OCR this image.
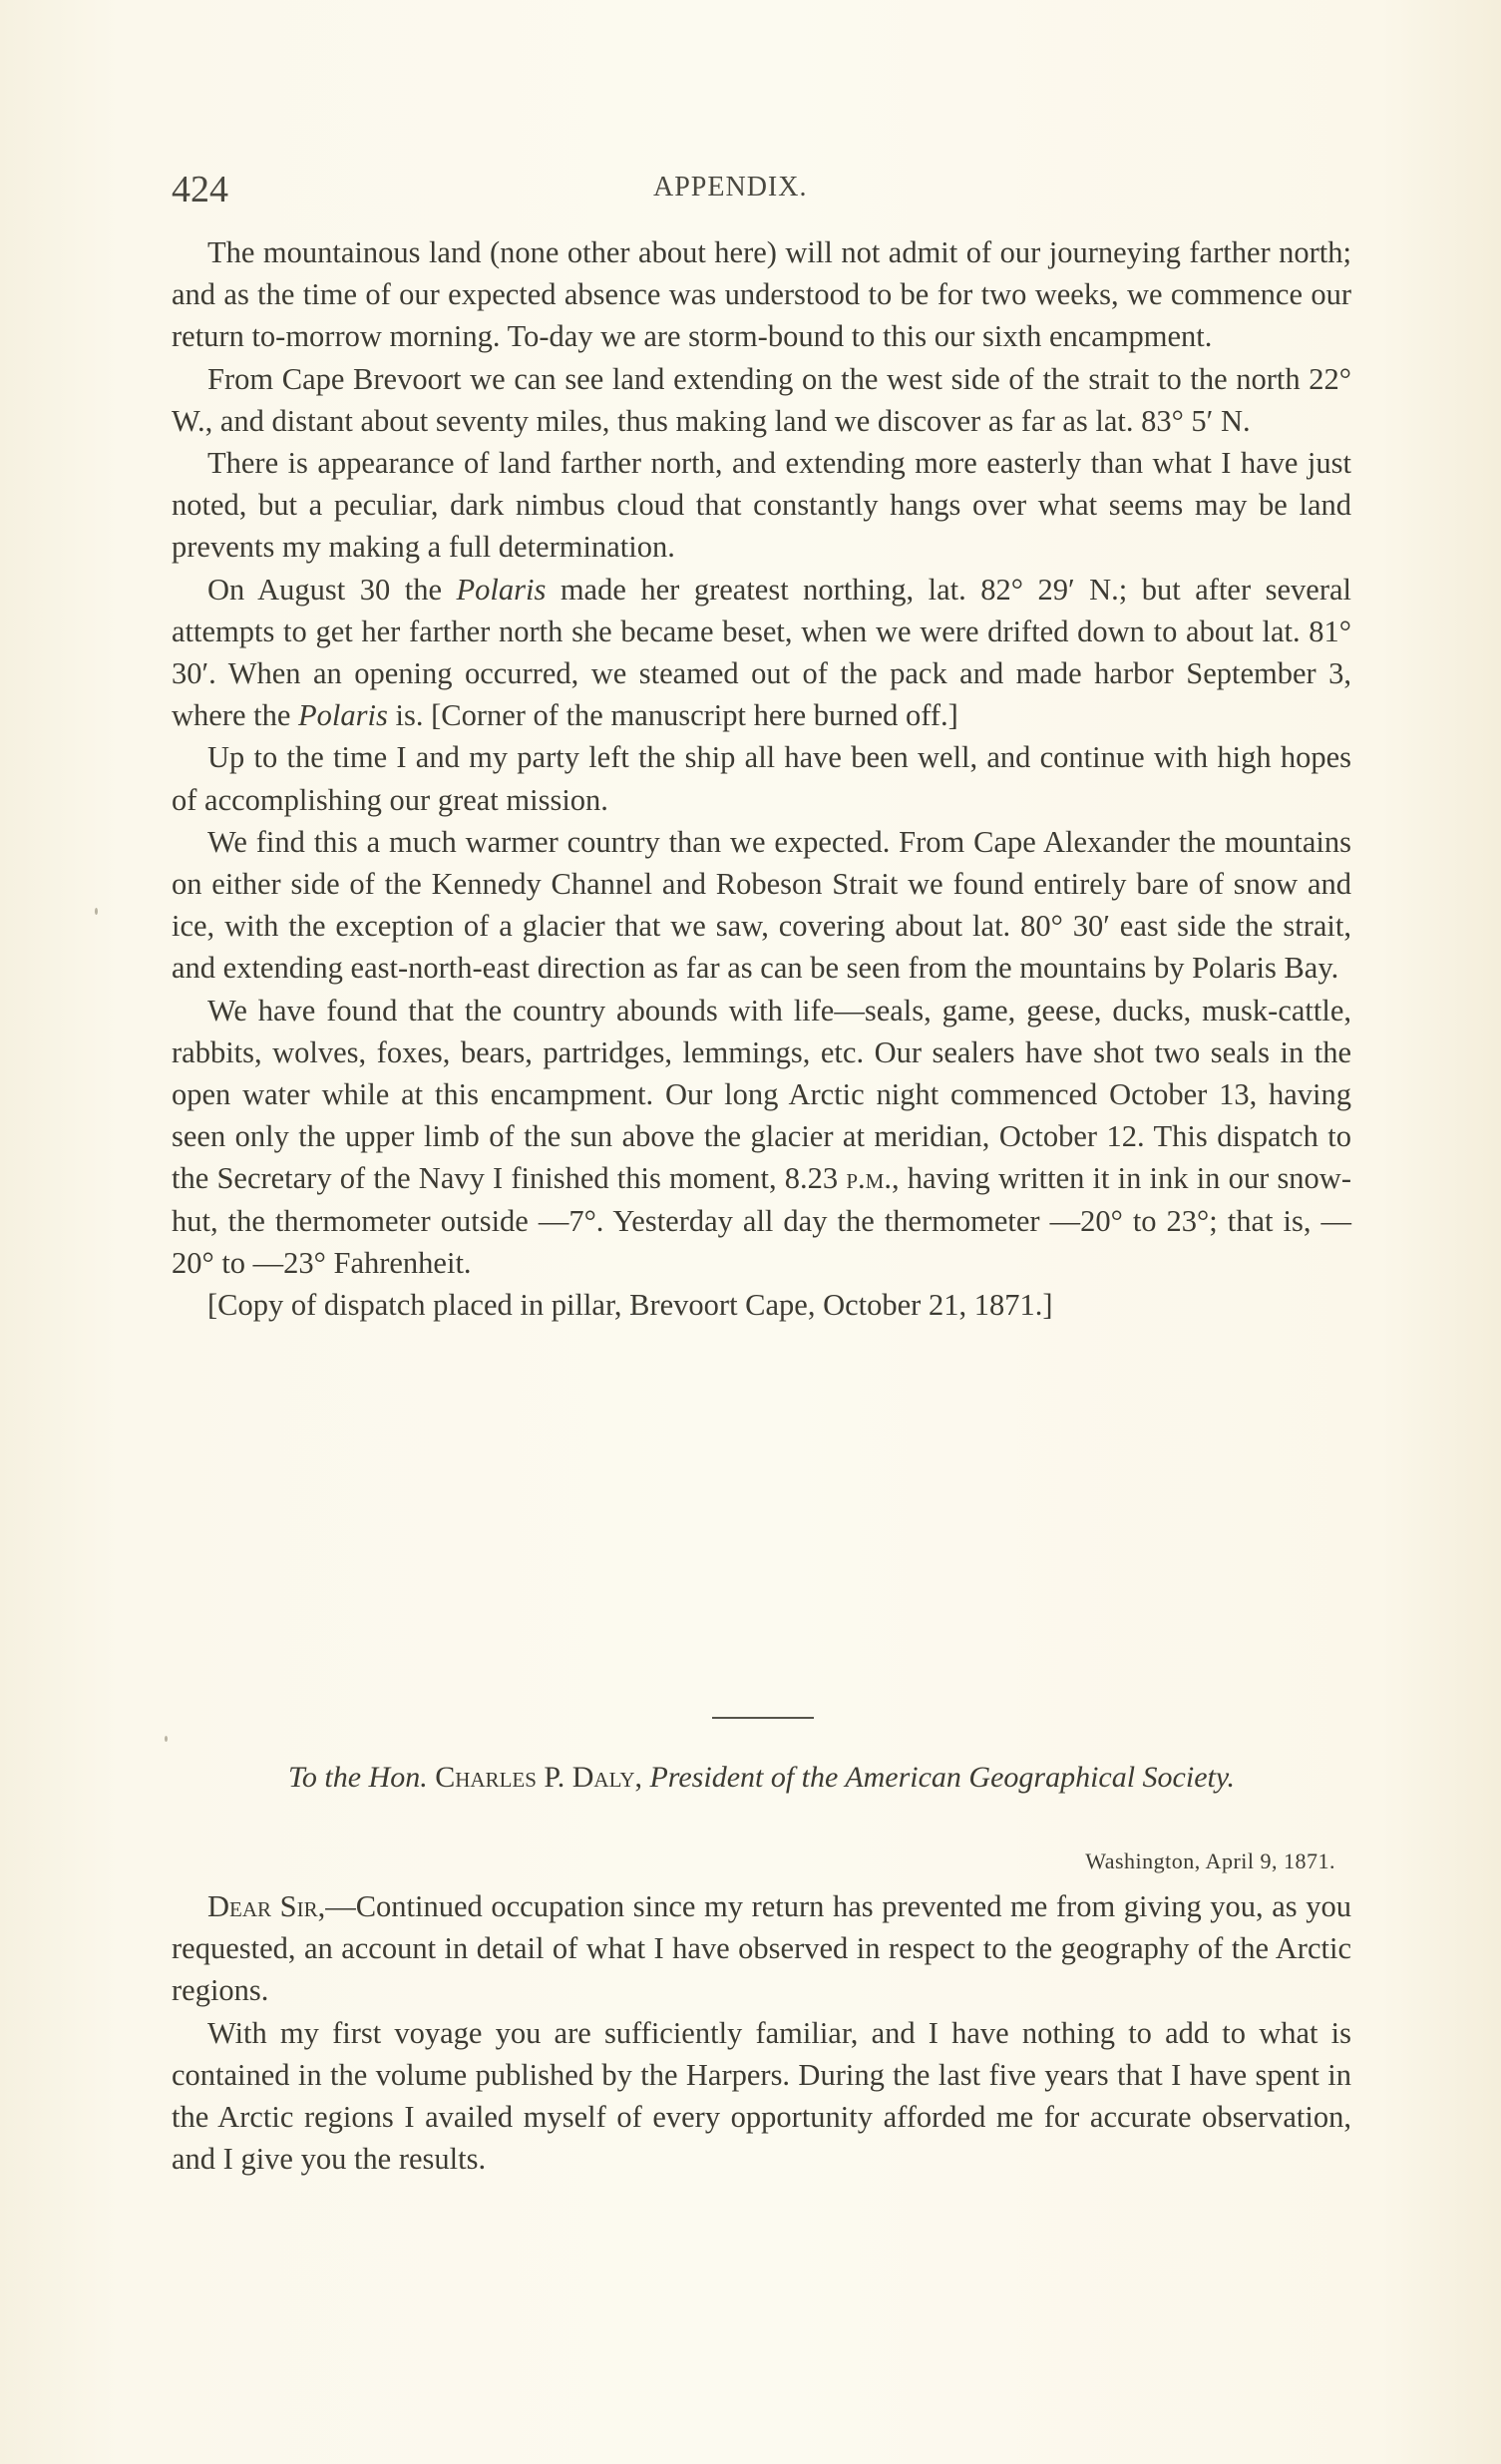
424	APPENDIX.

The mountainous land (none other about here) will not admit of our journeying farther north; and as the time of our expected absence was understood to be for two weeks, we commence our return to-morrow morning. To-day we are storm-bound to this our sixth encampment.

From Cape Brevoort we can see land extending on the west side of the strait to the north 22° W., and distant about seventy miles, thus making land we discover as far as lat. 83° 5′ N.

There is appearance of land farther north, and extending more easterly than what I have just noted, but a peculiar, dark nimbus cloud that constantly hangs over what seems may be land prevents my making a full determination.

On August 30 the Polaris made her greatest northing, lat. 82° 29′ N.; but after several attempts to get her farther north she became beset, when we were drifted down to about lat. 81° 30′. When an opening occurred, we steamed out of the pack and made harbor September 3, where the Polaris is. [Corner of the manuscript here burned off.]

Up to the time I and my party left the ship all have been well, and continue with high hopes of accomplishing our great mission.

We find this a much warmer country than we expected. From Cape Alexander the mountains on either side of the Kennedy Channel and Robeson Strait we found entirely bare of snow and ice, with the exception of a glacier that we saw, covering about lat. 80° 30′ east side the strait, and extending east-north-east direction as far as can be seen from the mountains by Polaris Bay.

We have found that the country abounds with life—seals, game, geese, ducks, musk-cattle, rabbits, wolves, foxes, bears, partridges, lemmings, etc. Our sealers have shot two seals in the open water while at this encampment. Our long Arctic night commenced October 13, having seen only the upper limb of the sun above the glacier at meridian, October 12. This dispatch to the Secretary of the Navy I finished this moment, 8.23 p.m., having written it in ink in our snow-hut, the thermometer outside —7°. Yesterday all day the thermometer —20° to 23°; that is, —20° to —23° Fahrenheit.

[Copy of dispatch placed in pillar, Brevoort Cape, October 21, 1871.]

To the Hon. Charles P. Daly, President of the American Geographical Society.
Washington, April 9, 1871.

Dear Sir,—Continued occupation since my return has prevented me from giving you, as you requested, an account in detail of what I have observed in respect to the geography of the Arctic regions.

With my first voyage you are sufficiently familiar, and I have nothing to add to what is contained in the volume published by the Harpers. During the last five years that I have spent in the Arctic regions I availed myself of every opportunity afforded me for accurate observation, and I give you the results.
